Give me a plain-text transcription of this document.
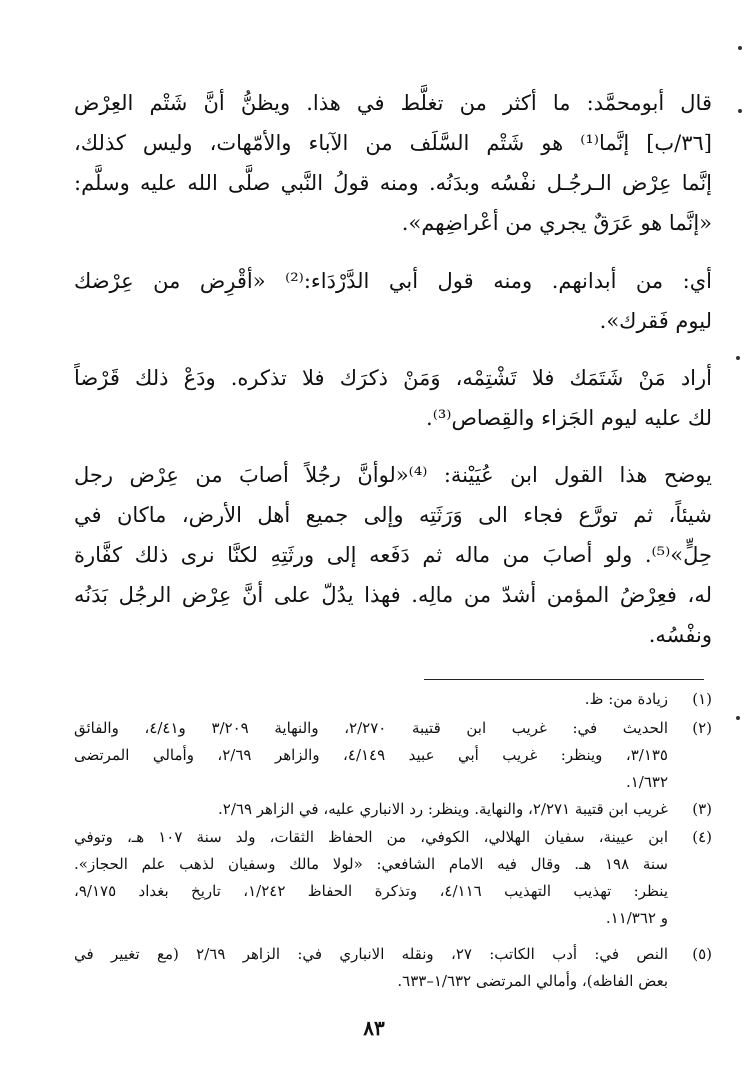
قال أبومحمَّد: ما أكثر من تغلَّط في هذا. ويظنُّ أنَّ شَتْم العِرْض
[٣٦/ب] إنَّما⁽¹⁾ هو شَتْم السَّلَف من الآباء والأمّهات، وليس كذلك،
إنَّما عِرْض الـرجُـل نفْسُه وبدَنُه. ومنه قولُ النَّبي صلَّى الله عليه وسلَّم:
«إنَّما هو عَرَقٌ يجري من أعْراضِهم».
أي: من أبدانهم. ومنه قول أبي الدَّرْدَاء:⁽²⁾ «أقْرِض من عِرْضك
ليوم فَقرك».
أراد مَنْ شَتَمَك فلا تَشْتِمْه، وَمَنْ ذكرَك فلا تذكره. ودَعْ ذلك قَرْضاً
لك عليه ليوم الجَزاء والقِصاص⁽³⁾.
يوضح هذا القول ابن عُيَيْنة: ⁽⁴⁾«لوأنَّ رجُلاً أصابَ من عِرْض رجل
شيئاً، ثم تورَّع فجاء الى وَرَثَتِه وإلى جميع أهل الأرض، ماكان في
حِلٍّ»⁽⁵⁾. ولو أصابَ من ماله ثم دَفَعه إلى ورثَتِهِ لكنَّا نرى ذلك كفَّارة
له، فعِرْضُ المؤمن أشدّ من مالِه. فهذا يدُلّ على أنَّ عِرْض الرجُل بَدَنُه
ونفْسُه.
(١)
زيادة من: ظ.
(٢)
الحديث في: غريب ابن قتيبة ٢/٢٧٠، والنهاية ٣/٢٠٩ و٤/٤١، والفائق
٣/١٣٥، وينظر: غريب أبي عبيد ٤/١٤٩، والزاهر ٢/٦٩، وأمالي المرتضى
١/٦٣٢.
(٣)
غريب ابن قتيبة ٢/٢٧١، والنهاية. وينظر: رد الانباري عليه، في الزاهر ٢/٦٩.
(٤)
ابن عيينة، سفيان الهلالي، الكوفي، من الحفاظ الثقات، ولد سنة ١٠٧ هـ، وتوفي
سنة ١٩٨ هـ. وقال فيه الامام الشافعي: «لولا مالك وسفيان لذهب علم الحجاز».
ينظر: تهذيب التهذيب ٤/١١٦، وتذكرة الحفاظ ١/٢٤٢، تاريخ بغداد ٩/١٧٥،
و ١١/٣٦٢.
(٥)
النص في: أدب الكاتب: ٢٧، ونقله الانباري في: الزاهر ٢/٦٩ (مع تغيير في
بعض الفاظه)، وأمالي المرتضى ١/٦٣٢–٦٣٣.
٨٣
